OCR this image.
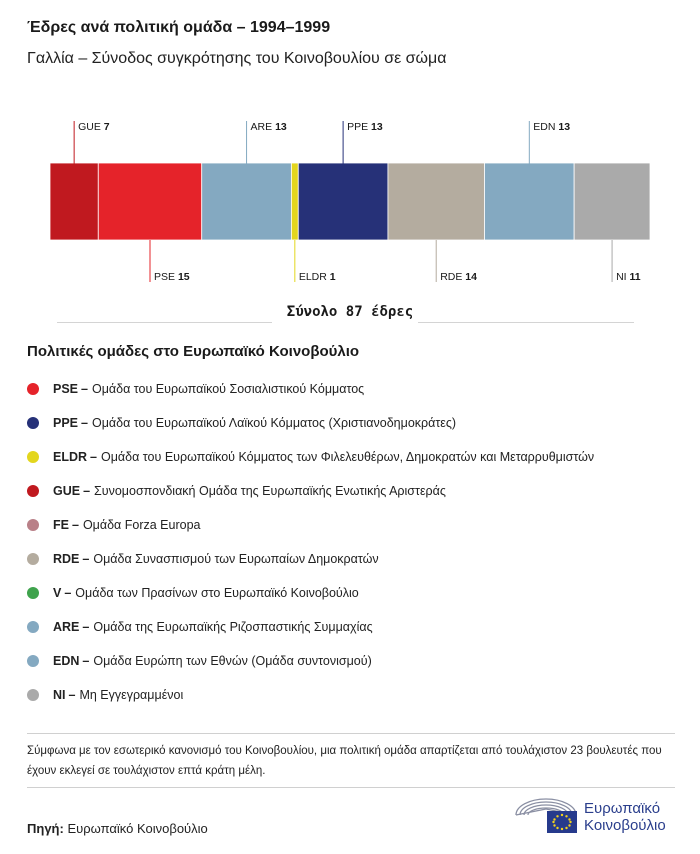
Έδρες ανά πολιτική ομάδα – 1994–1999
Γαλλία – Σύνοδος συγκρότησης του Κοινοβουλίου σε σώμα
GUE 7
PSE 15
ARE 13
ELDR 1
PPE 13
RDE 14
EDN 13
NI 11
Σύνολο 87 έδρες
Πολιτικές ομάδες στο Ευρωπαϊκό Κοινοβούλιο
PSE – Ομάδα του Ευρωπαϊκού Σοσιαλιστικού Κόμματος
PPE – Ομάδα του Ευρωπαϊκού Λαϊκού Κόμματος (Χριστιανοδημοκράτες)
ELDR – Ομάδα του Ευρωπαϊκού Κόμματος των Φιλελευθέρων, Δημοκρατών και Μεταρρυθμιστών
GUE – Συνομοσπονδιακή Ομάδα της Ευρωπαϊκής Ενωτικής Αριστεράς
FE – Ομάδα Forza Europa
RDE – Ομάδα Συνασπισμού των Ευρωπαίων Δημοκρατών
V – Ομάδα των Πρασίνων στο Ευρωπαϊκό Κοινοβούλιο
ARE – Ομάδα της Ευρωπαϊκής Ριζοσπαστικής Συμμαχίας
EDN – Ομάδα Ευρώπη των Εθνών (Ομάδα συντονισμού)
NI – Μη Εγγεγραμμένοι
Σύμφωνα με τον εσωτερικό κανονισμό του Κοινοβουλίου, μια πολιτική ομάδα απαρτίζεται από τουλάχιστον 23 βουλευτές που έχουν εκλεγεί σε τουλάχιστον επτά κράτη μέλη.
Πηγή: Ευρωπαϊκό Κοινοβούλιο
Ευρωπαϊκό
Κοινοβούλιο
